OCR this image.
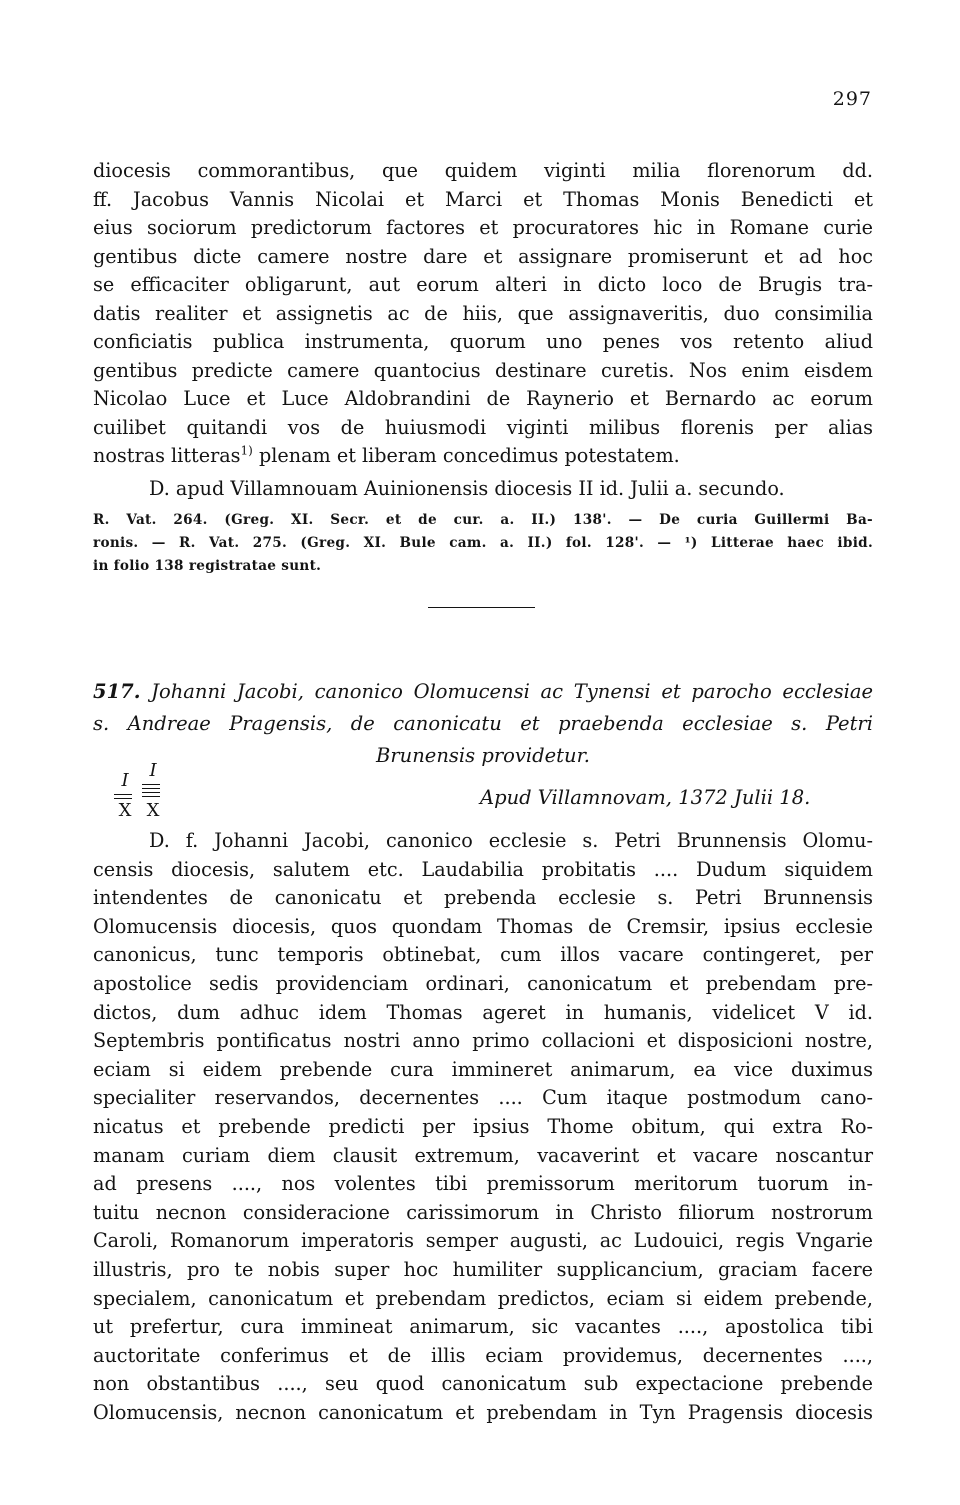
297
diocesis commorantibus, que quidem viginti milia florenorum dd.
ff. Jacobus Vannis Nicolai et Marci et Thomas Monis Benedicti et
eius sociorum predictorum factores et procuratores hic in Romane curie
gentibus dicte camere nostre dare et assignare promiserunt et ad hoc
se efficaciter obligarunt, aut eorum alteri in dicto loco de Brugis tra-
datis realiter et assignetis ac de hiis, que assignaveritis, duo consimilia
conficiatis publica instrumenta, quorum uno penes vos retento aliud
gentibus predicte camere quantocius destinare curetis. Nos enim eisdem
Nicolao Luce et Luce Aldobrandini de Raynerio et Bernardo ac eorum
cuilibet quitandi vos de huiusmodi viginti milibus florenis per alias
nostras litteras$^{1)}$ plenam et liberam concedimus potestatem.
D. apud Villamnouam Auinionensis diocesis II id. Julii a. secundo.
R. Vat. 264. (Greg. XI. Secr. et de cur. a. II.) 138'. — De curia Guillermi Ba-
ronis. — R. Vat. 275. (Greg. XI. Bule cam. a. II.) fol. 128'. — ¹) Litterae haec ibid.
in folio 138 registratae sunt.
517. Johanni Jacobi, canonico Olomucensi ac Tynensi et parocho ecclesiae
s. Andreae Pragensis, de canonicatu et praebenda ecclesiae s. Petri
Brunensis providetur.
I
X
I
X
Apud Villamnovam, 1372 Julii 18.
D. f. Johanni Jacobi, canonico ecclesie s. Petri Brunnensis Olomu-
censis diocesis, salutem etc. Laudabilia probitatis .... Dudum siquidem
intendentes de canonicatu et prebenda ecclesie s. Petri Brunnensis
Olomucensis diocesis, quos quondam Thomas de Cremsir, ipsius ecclesie
canonicus, tunc temporis obtinebat, cum illos vacare contingeret, per
apostolice sedis providenciam ordinari, canonicatum et prebendam pre-
dictos, dum adhuc idem Thomas ageret in humanis, videlicet V id.
Septembris pontificatus nostri anno primo collacioni et disposicioni nostre,
eciam si eidem prebende cura immineret animarum, ea vice duximus
specialiter reservandos, decernentes .... Cum itaque postmodum cano-
nicatus et prebende predicti per ipsius Thome obitum, qui extra Ro-
manam curiam diem clausit extremum, vacaverint et vacare noscantur
ad presens ...., nos volentes tibi premissorum meritorum tuorum in-
tuitu necnon consideracione carissimorum in Christo filiorum nostrorum
Caroli, Romanorum imperatoris semper augusti, ac Ludouici, regis Vngarie
illustris, pro te nobis super hoc humiliter supplicancium, graciam facere
specialem, canonicatum et prebendam predictos, eciam si eidem prebende,
ut prefertur, cura immineat animarum, sic vacantes ...., apostolica tibi
auctoritate conferimus et de illis eciam providemus, decernentes ....,
non obstantibus ...., seu quod canonicatum sub expectacione prebende
Olomucensis, necnon canonicatum et prebendam in Tyn Pragensis diocesis
